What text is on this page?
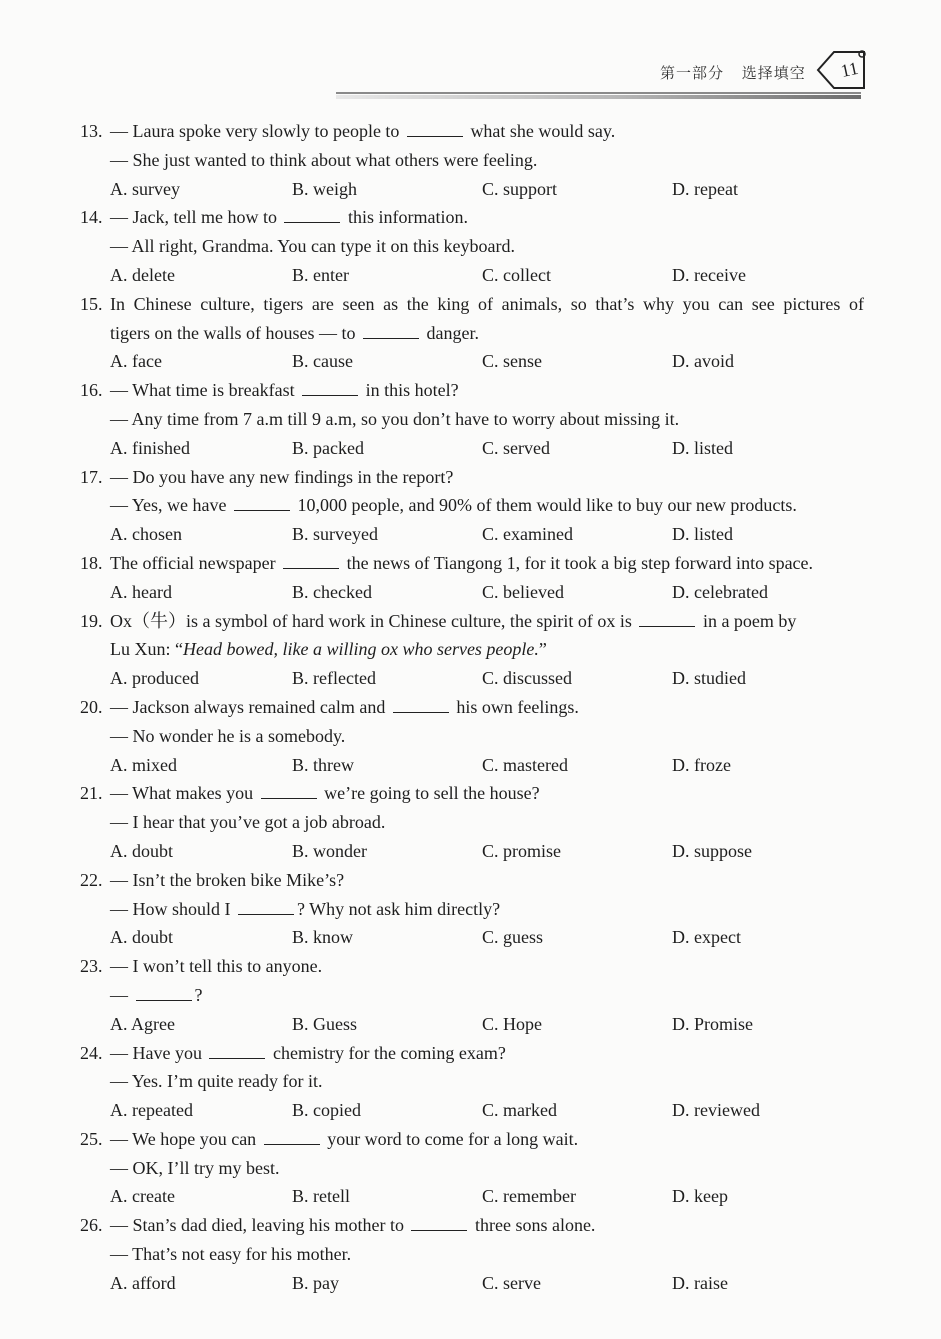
第一部分 选择填空	11
13. — Laura spoke very slowly to people to	what she would say.
— She just wanted to think about what others were feeling.
A. survey	B. weigh	C. support	D. repeat
14. — Jack, tell me how to	this information.
— All right, Grandma. You can type it on this keyboard.
A. delete	B. enter	C. collect	D. receive
15. In Chinese culture, tigers are seen as the king of animals, so that’s why you can see pictures of
tigers on the walls of houses — to	danger.
A. face	B. cause	C. sense	D. avoid
16. — What time is breakfast	in this hotel?
— Any time from 7 a.m till 9 a.m, so you don’t have to worry about missing it.
A. finished	B. packed	C. served	D. listed
17. — Do you have any new findings in the report?
— Yes, we have	10,000 people, and 90% of them would like to buy our new products.
A. chosen	B. surveyed	C. examined	D. listed
18. The official newspaper	the news of Tiangong 1, for it took a big step forward into space.
A. heard	B. checked	C. believed	D. celebrated
19. Ox（牛）is a symbol of hard work in Chinese culture, the spirit of ox is	in a poem by
Lu Xun: “Head bowed, like a willing ox who serves people.”
A. produced	B. reflected	C. discussed	D. studied
20. — Jackson always remained calm and	his own feelings.
— No wonder he is a somebody.
A. mixed	B. threw	C. mastered	D. froze
21. — What makes you	we’re going to sell the house?
— I hear that you’ve got a job abroad.
A. doubt	B. wonder	C. promise	D. suppose
22. — Isn’t the broken bike Mike’s?
— How should I	? Why not ask him directly?
A. doubt	B. know	C. guess	D. expect
23. — I won’t tell this to anyone.
—	?
A. Agree	B. Guess	C. Hope	D. Promise
24. — Have you	chemistry for the coming exam?
— Yes. I’m quite ready for it.
A. repeated	B. copied	C. marked	D. reviewed
25. — We hope you can	your word to come for a long wait.
— OK, I’ll try my best.
A. create	B. retell	C. remember	D. keep
26. — Stan’s dad died, leaving his mother to	three sons alone.
— That’s not easy for his mother.
A. afford	B. pay	C. serve	D. raise
